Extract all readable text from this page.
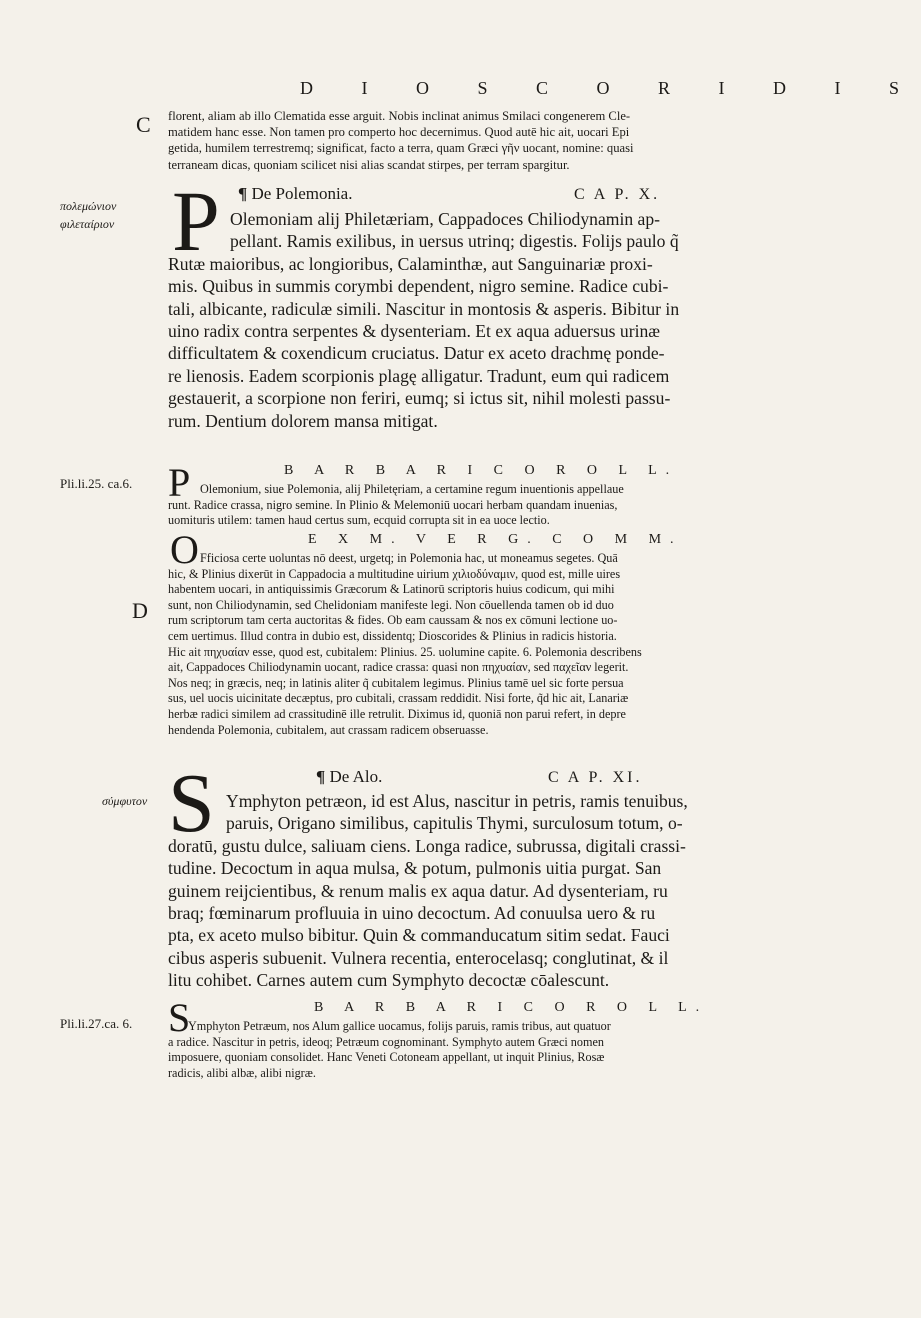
D I O S C O R I D I S
C
πολεμώνιον
φιλεταίριον
Pli.li.25. ca.6.
D
σύμφυτον
Pli.li.27.ca. 6.
florent, aliam ab illo Clematida esse arguit. Nobis inclinat animus Smilaci congenerem Cle-
matidem hanc esse. Non tamen pro comperto hoc decernimus. Quod autē hic ait, uocari Epi
getida, humilem terrestremq; significat, facto a terra, quam Græci γῆν uocant, nomine: quasi
terraneam dicas, quoniam scilicet nisi alias scandat stirpes, per terram spargitur.
P ¶ De Polemonia.	C A P. X.
Olemoniam alij Philetæriam, Cappadoces Chiliodynamin ap-
pellant. Ramis exilibus, in uersus utrinq; digestis. Folijs paulo q̃
Rutæ maioribus, ac longioribus, Calaminthæ, aut Sanguinariæ proxi-
mis. Quibus in summis corymbi dependent, nigro semine. Radice cubi-
tali, albicante, radiculæ simili. Nascitur in montosis & asperis. Bibitur in
uino radix contra serpentes & dysenteriam. Et ex aqua aduersus urinæ
difficultatem & coxendicum cruciatus. Datur ex aceto drachmę ponde-
re lienosis. Eadem scorpionis plagę alligatur. Tradunt, eum qui radicem
gestauerit, a scorpione non feriri, eumq; si ictus sit, nihil molesti passu-
rum. Dentium dolorem mansa mitigat.
P	B A R B A R I C O R O L L.
Olemonium, siue Polemonia, alij Philetęriam, a certamine regum inuentionis appellaue
runt. Radice crassa, nigro semine. In Plinio & Melemoniū uocari herbam quandam inuenias,
uomituris utilem: tamen haud certus sum, ecquid corrupta sit in ea uoce lectio.
O	E X M. V E R G. C O M M.
Fficiosa certe uoluntas nō deest, urgetq; in Polemonia hac, ut moneamus segetes. Quā
hic, & Plinius dixerūt in Cappadocia a multitudine uirium χιλιοδύναμιν, quod est, mille uires
habentem uocari, in antiquissimis Græcorum & Latinorū scriptoris huius codicum, qui mihi
sunt, non Chiliodynamin, sed Chelidoniam manifeste legi. Non cōuellenda tamen ob id duo
rum scriptorum tam certa auctoritas & fides. Ob eam caussam & nos ex cōmuni lectione uo-
cem uertimus. Illud contra in dubio est, dissidentq; Dioscorides & Plinius in radicis historia.
Hic ait πηχυαίαν esse, quod est, cubitalem: Plinius. 25. uolumine capite. 6. Polemonia describens
ait, Cappadoces Chiliodynamin uocant, radice crassa: quasi non πηχυαίαν, sed παχεῖαν legerit.
Nos neq; in græcis, neq; in latinis aliter q̃ cubitalem legimus. Plinius tamē uel sic forte persua
sus, uel uocis uicinitate decæptus, pro cubitali, crassam reddidit. Nisi forte, q̃d hic ait, Lanariæ
herbæ radici similem ad crassitudinē ille retrulit. Diximus id, quoniā non parui refert, in depre
hendenda Polemonia, cubitalem, aut crassam radicem obseruasse.
S	¶ De Alo.	C A P. XI.
Ymphyton petræon, id est Alus, nascitur in petris, ramis tenuibus,
paruis, Origano similibus, capitulis Thymi, surculosum totum, o-
doratū, gustu dulce, saliuam ciens. Longa radice, subrussa, digitali crassi-
tudine. Decoctum in aqua mulsa, & potum, pulmonis uitia purgat. San
guinem reijcientibus, & renum malis ex aqua datur. Ad dysenteriam, ru
braq; fœminarum profluuia in uino decoctum. Ad conuulsa uero & ru
pta, ex aceto mulso bibitur. Quin & commanducatum sitim sedat. Fauci
cibus asperis subuenit. Vulnera recentia, enterocelasq; conglutinat, & il
litu cohibet. Carnes autem cum Symphyto decoctæ cōalescunt.
S	B A R B A R I C O R O L L.
Ymphyton Petræum, nos Alum gallice uocamus, folijs paruis, ramis tribus, aut quatuor
a radice. Nascitur in petris, ideoq; Petræum cognominant. Symphyto autem Græci nomen
imposuere, quoniam consolidet. Hanc Veneti Cotoneam appellant, ut inquit Plinius, Rosæ
radicis, alibi albæ, alibi nigræ.
